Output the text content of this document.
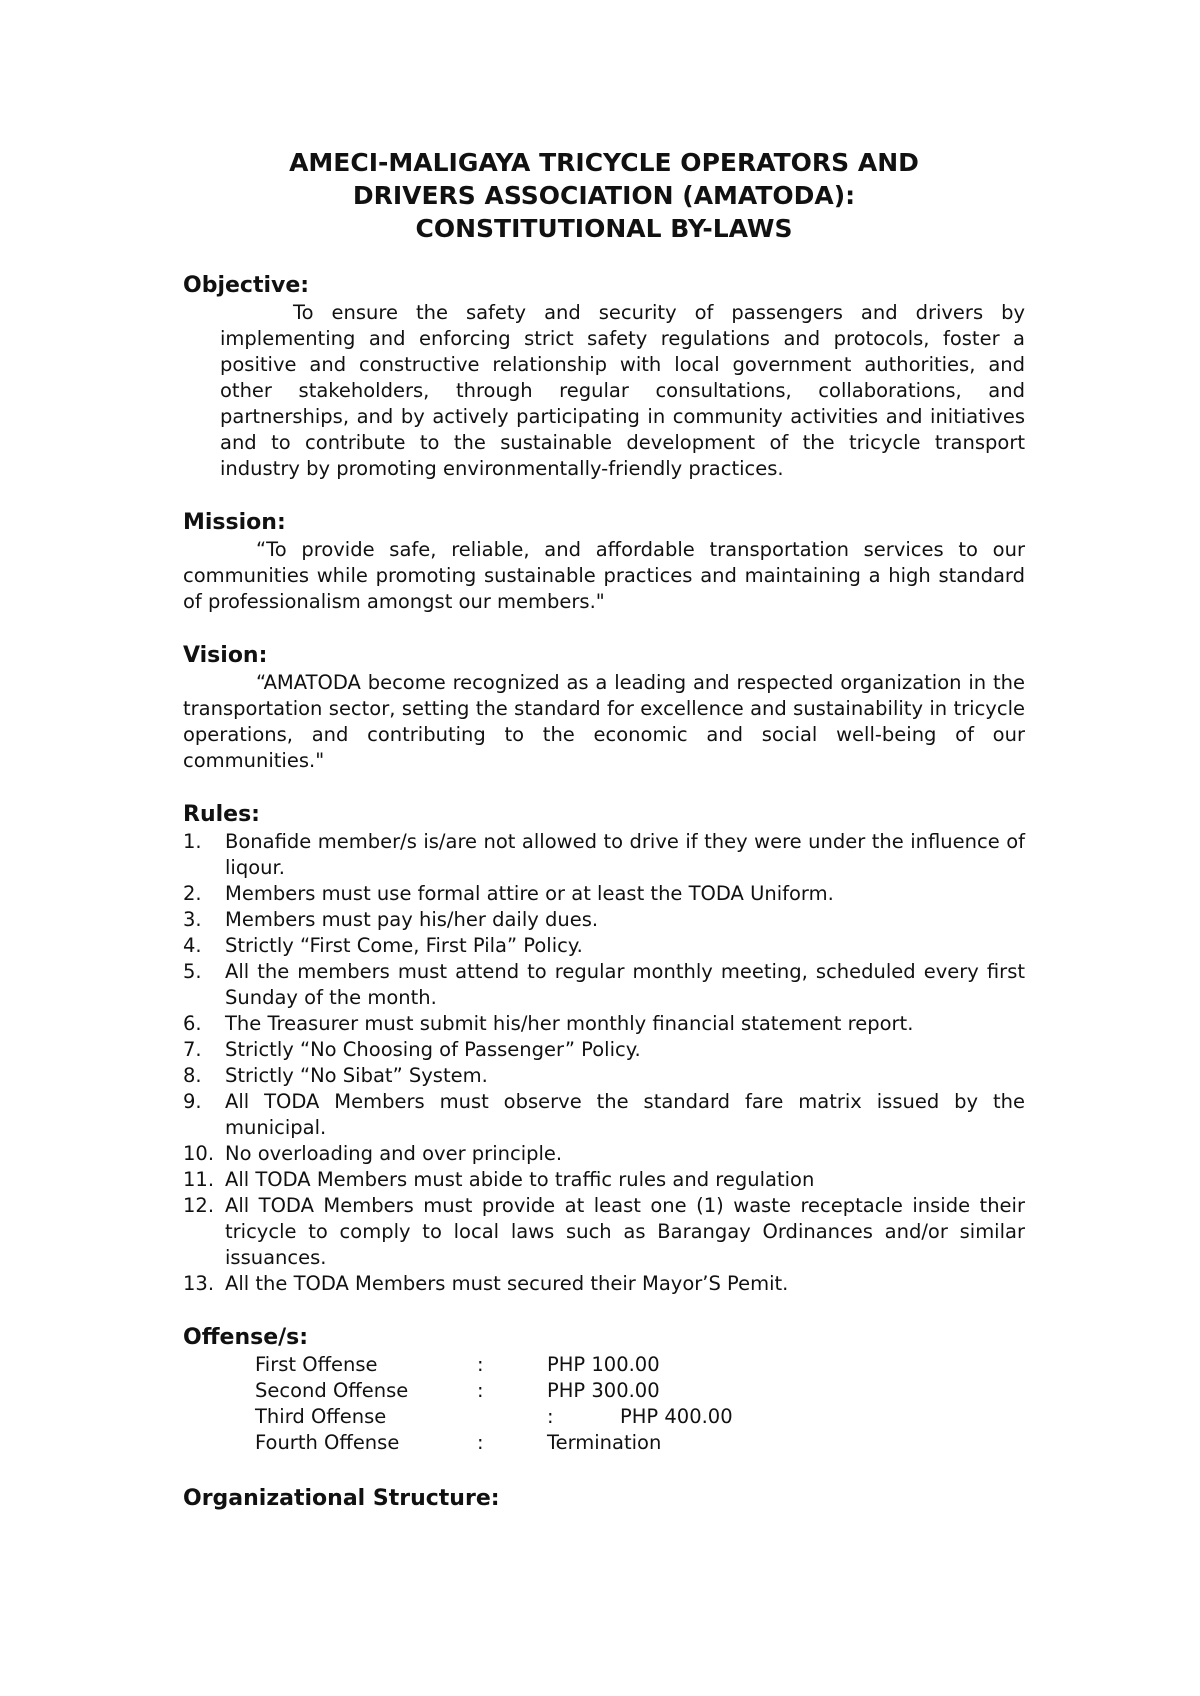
AMECI-MALIGAYA TRICYCLE OPERATORS AND
DRIVERS ASSOCIATION (AMATODA):
CONSTITUTIONAL BY-LAWS
Objective:

To ensure the safety and security of passengers and drivers by implementing and enforcing strict safety regulations and protocols, foster a positive and constructive relationship with local government authorities, and other stakeholders, through regular consultations, collaborations, and partnerships, and by actively participating in community activities and initiatives and to contribute to the sustainable development of the tricycle transport industry by promoting environmentally-friendly practices.

Mission:

“To provide safe, reliable, and affordable transportation services to our communities while promoting sustainable practices and maintaining a high standard of professionalism amongst our members."

Vision:

“AMATODA become recognized as a leading and respected organization in the transportation sector, setting the standard for excellence and sustainability in tricycle operations, and contributing to the economic and social well-being of our communities."

Rules:
1. Bonafide member/s is/are not allowed to drive if they were under the influence of liqour.
2. Members must use formal attire or at least the TODA Uniform.
3. Members must pay his/her daily dues.
4. Strictly “First Come, First Pila” Policy.
5. All the members must attend to regular monthly meeting, scheduled every first Sunday of the month.
6. The Treasurer must submit his/her monthly financial statement report.
7. Strictly “No Choosing of Passenger” Policy.
8. Strictly “No Sibat” System.
9. All TODA Members must observe the standard fare matrix issued by the municipal.
10. No overloading and over principle.
11. All TODA Members must abide to traffic rules and regulation
12. All TODA Members must provide at least one (1) waste receptacle inside their tricycle to comply to local laws such as Barangay Ordinances and/or similar issuances.
13. All the TODA Members must secured their Mayor’S Pemit.
Offense/s:
First Offense	:	PHP 100.00
Second Offense	:	PHP 300.00
Third Offense	:	PHP 400.00
Fourth Offense	:	Termination
Organizational Structure:
